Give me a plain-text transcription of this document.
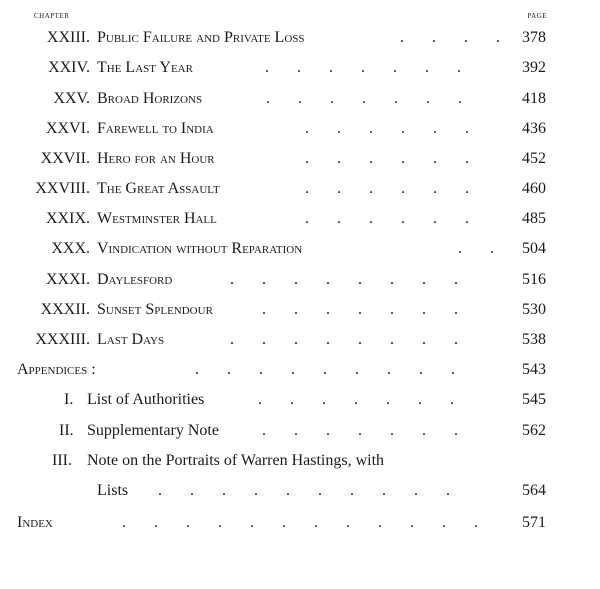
CHAPTER	PAGE
XXIII. Public Failure and Private Loss	.       .       .       . 378
XXIV. The Last Year	.       .       .       .       .       .       .	392
XXV. Broad Horizons	.       .       .       .       .       .       .	418
XXVI. Farewell to India	.       .       .       .       .       .	436
XXVII. Hero for an Hour	.       .       .       .       .       .	452
XXVIII. The Great Assault	.       .       .       .       .       .	460
XXIX. Westminster Hall	.       .       .       .       .       .	485
XXX. Vindication without Reparation	.       . 504
XXXI. Daylesford	.       .       .       .       .       .       .       .	516
XXXII. Sunset Splendour	.       .       .       .       .       .       .	530
XXXIII. Last Days	.       .       .       .       .       .       .       .	538
Appendices :	.       .       .       .       .       .       .       .       .	543
I. List of Authorities	.       .       .       .       .       .       .	545
II. Supplementary Note	.       .       .       .       .       .       .	562
III. Note on the Portraits of Warren Hastings, with
Lists .       .       .       .       .       .       .       .       .       .	564
Index	.       .       .       .       .       .       .       .       .       .       .       .	571
